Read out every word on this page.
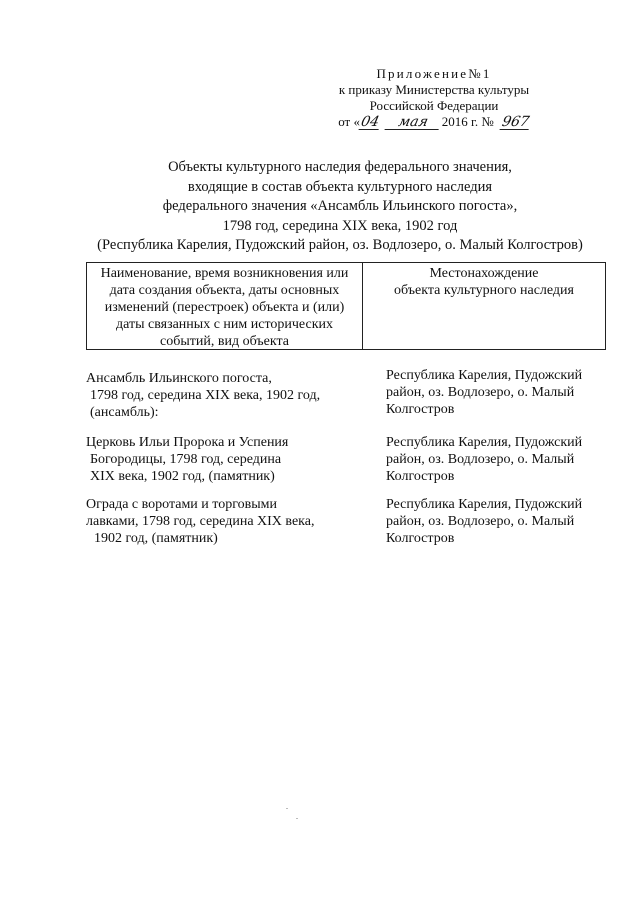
Приложение№1
к приказу Министерства культуры
Российской Федерации
от «04 мая 2016 г. № 967
Объекты культурного наследия федерального значения,
входящие в состав объекта культурного наследия
федерального значения «Ансамбль Ильинского погоста»,
1798 год, середина XIX века, 1902 год
(Республика Карелия, Пудожский район, оз. Водлозеро, о. Малый Колгостров)
Наименование, время возникновения или
дата создания объекта, даты основных
изменений (перестроек) объекта и (или)
даты связанных с ним исторических
событий, вид объекта
Местонахождение
объекта культурного наследия
Ансамбль Ильинского погоста,
1798 год, середина XIX века, 1902 год,
(ансамбль):
Республика Карелия, Пудожский
район, оз. Водлозеро, о. Малый
Колгостров
Церковь Ильи Пророка и Успения
Богородицы, 1798 год, середина
XIX века, 1902 год, (памятник)
Республика Карелия, Пудожский
район, оз. Водлозеро, о. Малый
Колгостров
Ограда с воротами и торговыми
лавками, 1798 год, середина XIX века,
1902 год, (памятник)
Республика Карелия, Пудожский
район, оз. Водлозеро, о. Малый
Колгостров
